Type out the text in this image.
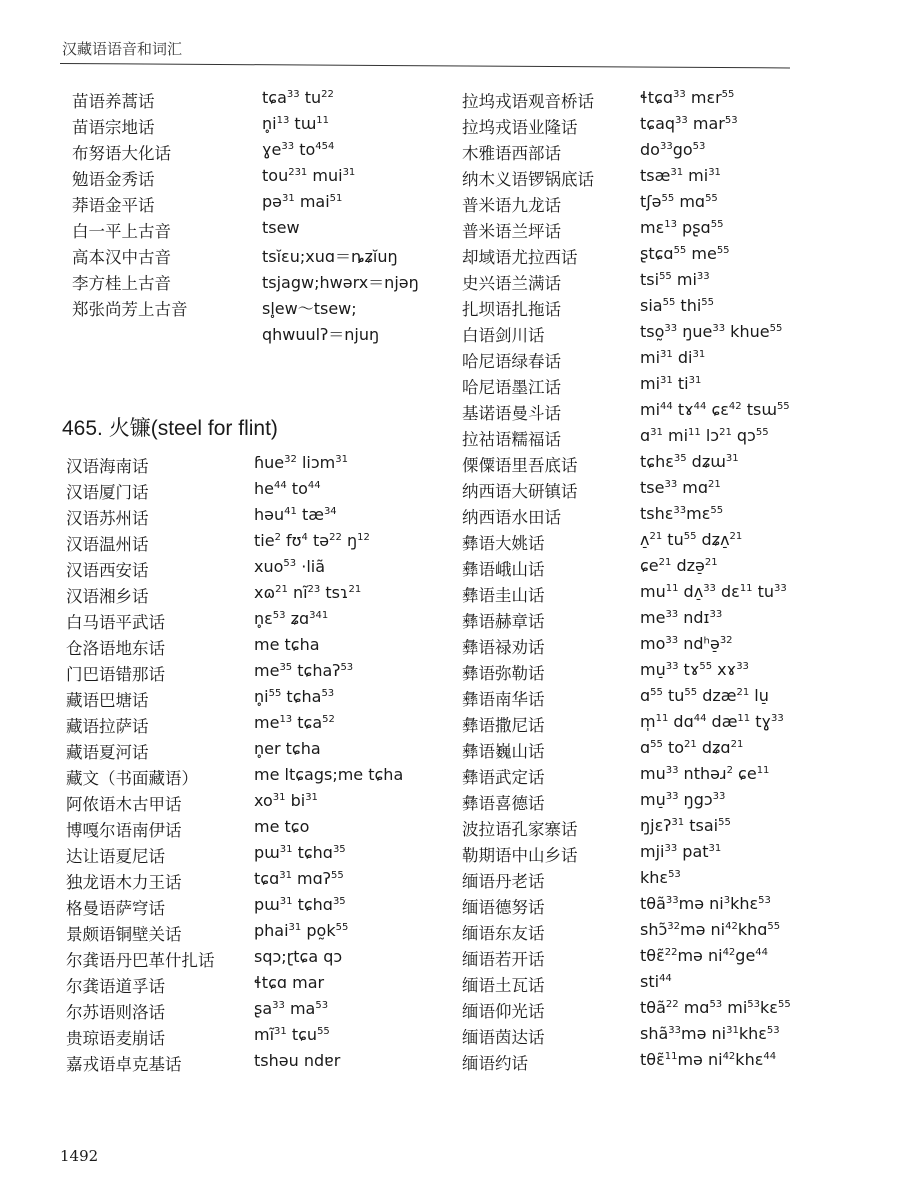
汉藏语语音和词汇
苗语养蒿话	tɕa$^{33}$ $tu^{22}$
苗语宗地话	$n̥i^{13}$ tɯ$^{11}$
布努语大化话	ɣe$^{33}$ $to^{454}$
勉语金秀话	tou$^{231}$ mui$^{31}$
莽语金平话	pə$^{31}$ mai$^{51}$
白一平上古音	tsew
高本汉中古音	tsĭɛu;xuɑ＝ȵʑĭuŋ
李方桂上古音	tsjagw;hwərx＝njəŋ
郑张尚芳上古音	sl̥ew～tsew;
qhwuulʔ＝njuŋ
465. 火镰(steel for flint)
汉语海南话	ɦue$^{32}$ liɔm$^{31}$
汉语厦门话	$he^{44}$ $to^{44}$
汉语苏州话	həu$^{41}$ $tæ^{34}$
汉语温州话	tie$^2$ fʊ$^4$ tə$^{22}$ $ŋ^{12}$
汉语西安话	xuo$^{53}$ ·liã
汉语湘乡话	xɷ$^{21}$ $nĩ^{23}$ tsɿ$^{21}$
白马语平武话	n̥ɛ$^{53}$ ʑɑ$^{341}$
仓洛语地东话	me tɕha
门巴语错那话	$me^{35}$ tɕhaʔ$^{53}$
藏语巴塘话	$n̥i^{55}$ tɕha$^{53}$
藏语拉萨话	$me^{13}$ tɕa$^{52}$
藏语夏河话	n̥er tɕha
藏文（书面藏语）	me ltɕags;me tɕha
阿侬语木古甲话	$xo^{31}$ $bi^{31}$
博嘎尔语南伊话	me tɕo
达让语夏尼话	pɯ$^{31}$ tɕhɑ$^{35}$
独龙语木力王话	tɕɑ$^{31}$ mɑʔ$^{55}$
格曼语萨穹话	pɯ$^{31}$ tɕhɑ$^{35}$
景颇语铜壁关话	phai$^{31}$ $po̰k^{55}$
尔龚语丹巴革什扎话 sqɔ;ɽtɕa qɔ
尔龚语道孚话	ɬtɕɑ mar
尔苏语则洛话	ʂa$^{33}$ $ma^{53}$
贵琼语麦崩话	$mĩ^{31}$ tɕu$^{55}$
嘉戎语卓克基话	tshəu ndɐr
拉坞戎语观音桥话	ɬtɕɑ$^{33}$ mɛr$^{55}$
拉坞戎语业隆话	tɕaq$^{33}$ mar$^{53}$
木雅语西部话	$do^{33}go^{53}$
纳木义语锣锅底话	tsæ$^{31}$ $mi^{31}$
普米语九龙话	tʃə$^{55}$ mɑ$^{55}$
普米语兰坪话	mɛ$^{13}$ pʂɑ$^{55}$
却域语尤拉西话	ʂtɕɑ$^{55}$ $me^{55}$
史兴语兰满话	tsi$^{55}$ $mi^{33}$
扎坝语扎拖话	sia$^{55}$ thi$^{55}$
白语剑川话	tso̰$^{33}$ ŋue$^{33}$ khue$^{55}$
哈尼语绿春话	$mi^{31}$ $di^{31}$
哈尼语墨江话	$mi^{31}$ $ti^{31}$
基诺语曼斗话	$mi^{44}$ tɤ$^{44}$ ɕɛ$^{42}$ tsɯ$^{55}$
拉祜语糯福话	ɑ$^{31}$ $mi^{11}$ lɔ$^{21}$ qɔ$^{55}$
傈僳语里吾底话	tɕhɛ$^{35}$ dʑɯ$^{31}$
纳西语大研镇话	tse$^{33}$ mɑ$^{21}$
纳西语水田话	tshɛ$^{33}$mɛ$^{55}$
彝语大姚话	ʌ̠$^{21}$ $tu^{55}$ dʑʌ̠$^{21}$
彝语峨山话	ɕe$^{21}$ dzə̠$^{21}$
彝语圭山话	$mu^{11}$ dʌ̠$^{33}$ dɛ$^{11}$ $tu^{33}$
彝语赫章话	$me^{33}$ ndɪ$^{33}$
彝语禄劝话	$mo^{33}$ ndʰə̠$^{32}$
彝语弥勒话	mu̠$^{33}$ tɤ$^{55}$ xɤ$^{33}$
彝语南华话	ɑ$^{55}$ $tu^{55}$ dzæ$^{21}$ lu̠
彝语撒尼话	m̩$^{11}$ dɑ$^{44}$ $dæ^{11}$ tɣ$^{33}$
彝语巍山话	ɑ$^{55}$ $to^{21}$ dʑɑ$^{21}$
彝语武定话	$mu^{33}$ nthəɹ$^2$ ɕe$^{11}$
彝语喜德话	mu̠$^{33}$ ŋgɔ$^{33}$
波拉语孔家寨话	ŋjɛʔ$^{31}$ tsai$^{55}$
勒期语中山乡话	mji$^{33}$ pat$^{31}$
缅语丹老话	khɛ$^{53}$
缅语德努话	tθã$^{33}$mə $ni^3khɛ^{53}$
缅语东友话	shɔ̃$^{32}$mə $ni^{42}khɑ^{55}$
缅语若开话	tθɛ̃$^{22}$mə $ni^{42}ge^{44}$
缅语土瓦话	sti$^{44}$
缅语仰光话	tθã$^{22}$ mɑ$^{53}$ $mi^{53}kɛ^{55}$
缅语茵达话	shã$^{33}$mə $ni^{31}khɛ^{53}$
缅语约话	tθɛ̃$^{11}$mə $ni^{42}khɛ^{44}$
1492
